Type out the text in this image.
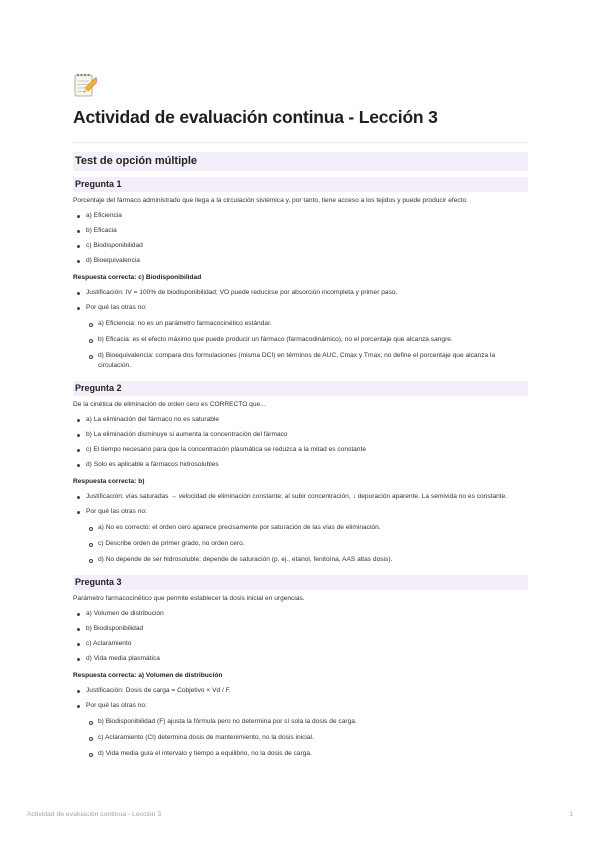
Actividad de evaluación continua - Lección 3
Test de opción múltiple
Pregunta 1

Porcentaje del fármaco administrado que llega a la circulación sistémica y, por tanto, tiene acceso a los tejidos y puede producir efecto.

a) Eficiencia
b) Eficacia
c) Biodisponibilidad
d) Bioequivalencia

Respuesta correcta: c) Biodisponibilidad

Justificación: IV = 100% de biodisponibilidad; VO puede reducirse por absorción incompleta y primer paso.
Por qué las otras no:
a) Eficiencia: no es un parámetro farmacocinético estándar.
b) Eficacia: es el efecto máximo que puede producir un fármaco (farmacodinámico), no el porcentaje que alcanza sangre.
d) Bioequivalencia: compara dos formulaciones (misma DCI) en términos de AUC, Cmax y Tmax; no define el porcentaje que alcanza la circulación.
Pregunta 2

De la cinética de eliminación de orden cero es CORRECTO que...

a) La eliminación del fármaco no es saturable
b) La eliminación disminuye si aumenta la concentración del fármaco
c) El tiempo necesario para que la concentración plasmática se reduzca a la mitad es constante
d) Solo es aplicable a fármacos hidrosolubles

Respuesta correcta: b)

Justificación: vías saturadas → velocidad de eliminación constante; al subir concentración, ↓ depuración aparente. La semivida no es constante.
Por qué las otras no:
a) No es correcto: el orden cero aparece precisamente por saturación de las vías de eliminación.
c) Describe orden de primer grado, no orden cero.
d) No depende de ser hidrosoluble; depende de saturación (p. ej., etanol, fenitoína, AAS altas dosis).
Pregunta 3

Parámetro farmacocinético que permite establecer la dosis inicial en urgencias.

a) Volumen de distribución
b) Biodisponibilidad
c) Aclaramiento
d) Vida media plasmática

Respuesta correcta: a) Volumen de distribución

Justificación: Dosis de carga = Cobjetivo × Vd / F.
Por qué las otras no:
b) Biodisponibilidad (F) ajusta la fórmula pero no determina por sí sola la dosis de carga.
c) Aclaramiento (Cl) determina dosis de mantenimiento, no la dosis inicial.
d) Vida media guía el intervalo y tiempo a equilibrio, no la dosis de carga.
Actividad de evaluación continua - Lección 3	1
